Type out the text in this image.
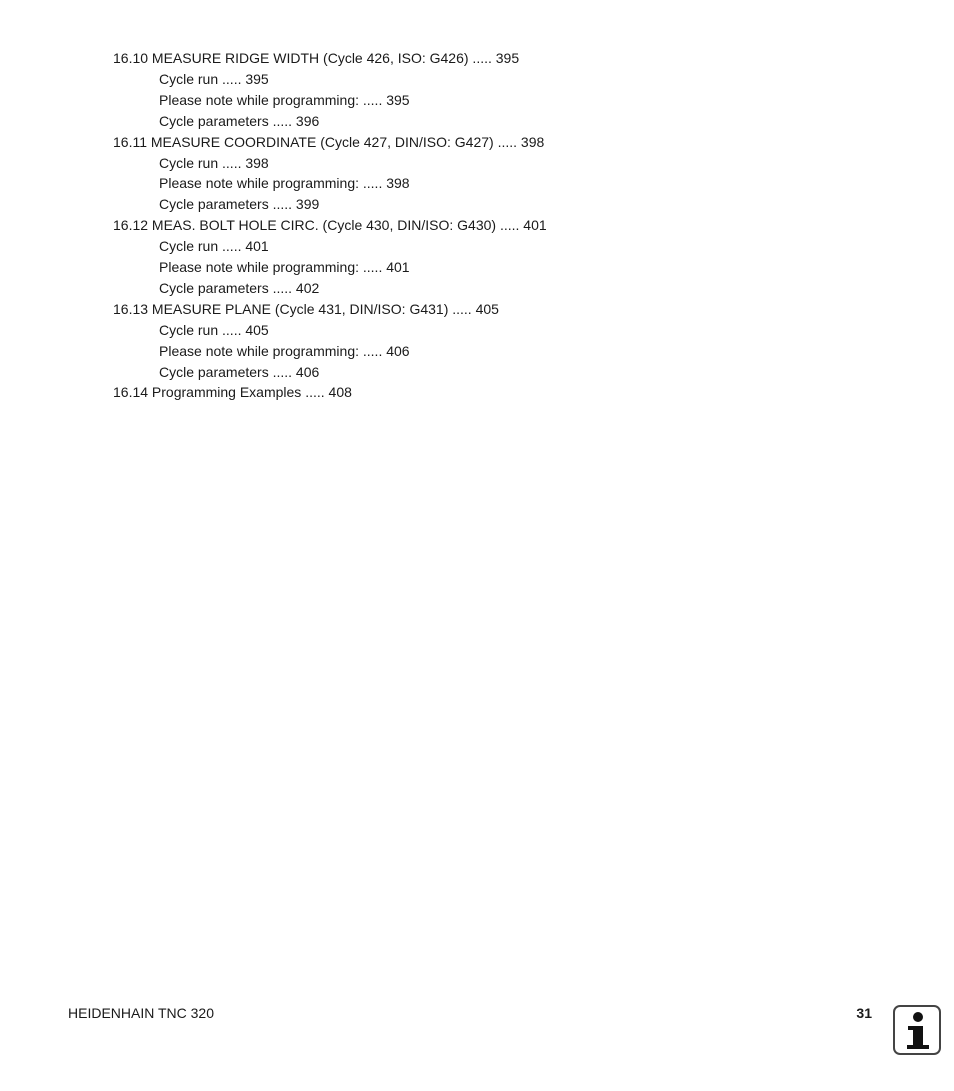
16.10 MEASURE RIDGE WIDTH (Cycle 426, ISO: G426) ..... 395
Cycle run ..... 395
Please note while programming: ..... 395
Cycle parameters ..... 396
16.11 MEASURE COORDINATE (Cycle 427, DIN/ISO: G427) ..... 398
Cycle run ..... 398
Please note while programming: ..... 398
Cycle parameters ..... 399
16.12 MEAS. BOLT HOLE CIRC. (Cycle 430, DIN/ISO: G430) ..... 401
Cycle run ..... 401
Please note while programming: ..... 401
Cycle parameters ..... 402
16.13 MEASURE PLANE (Cycle 431, DIN/ISO: G431) ..... 405
Cycle run ..... 405
Please note while programming: ..... 406
Cycle parameters ..... 406
16.14 Programming Examples ..... 408
HEIDENHAIN TNC 320	31
